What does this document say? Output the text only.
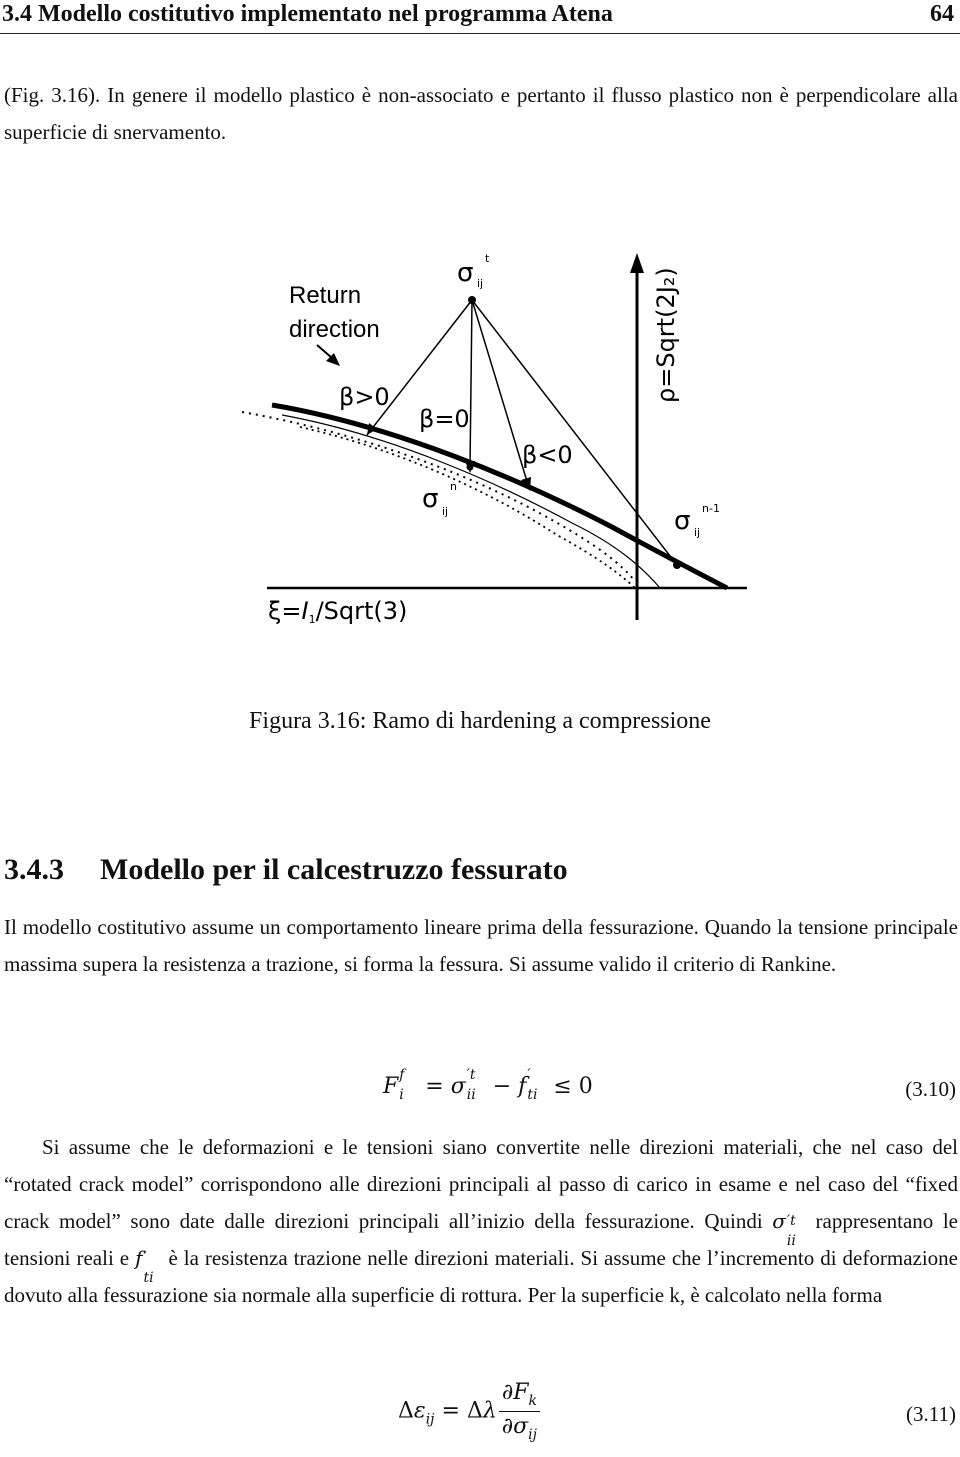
3.4 Modello costitutivo implementato nel programma Atena	64
(Fig. 3.16). In genere il modello plastico è non-associato e pertanto il flusso plastico non è perpendicolare alla superficie di snervamento.
Return
direction
σ ij
t
β>0
β=0
β<0
σ ij
n
σ ij
n-1
ρ=Sqrt(2J₂)
ξ=I1/Sqrt(3)
Figura 3.16: Ramo di hardening a compressione
3.4.3 Modello per il calcestruzzo fessurato
Il modello costitutivo assume un comportamento lineare prima della fessurazione. Quando la tensione principale massima supera la resistenza a trazione, si forma la fessura. Si assume valido il criterio di Rankine.
F f
i = σ ′t
ii − f ′
ti ≤ 0	(3.10)
Si assume che le deformazioni e le tensioni siano convertite nelle direzioni materiali, che nel caso del “rotated crack model” corrispondono alle direzioni principali al passo di carico in esame e nel caso del “fixed crack model” sono date dalle direzioni principali all’inizio della fessurazione. Quindi σ ′t
ii
rappresentano le tensioni reali e f ′
ti
è la resistenza trazione nelle direzioni materiali. Si assume che l’incremento di deformazione dovuto alla fessurazione sia normale alla superficie di rottura. Per la superficie k, è calcolato nella forma
$\Delta\varepsilon_{ij} = \Delta\lambda \frac{\partial F_k}{\partial\sigma_{ij}}$	(3.11)
